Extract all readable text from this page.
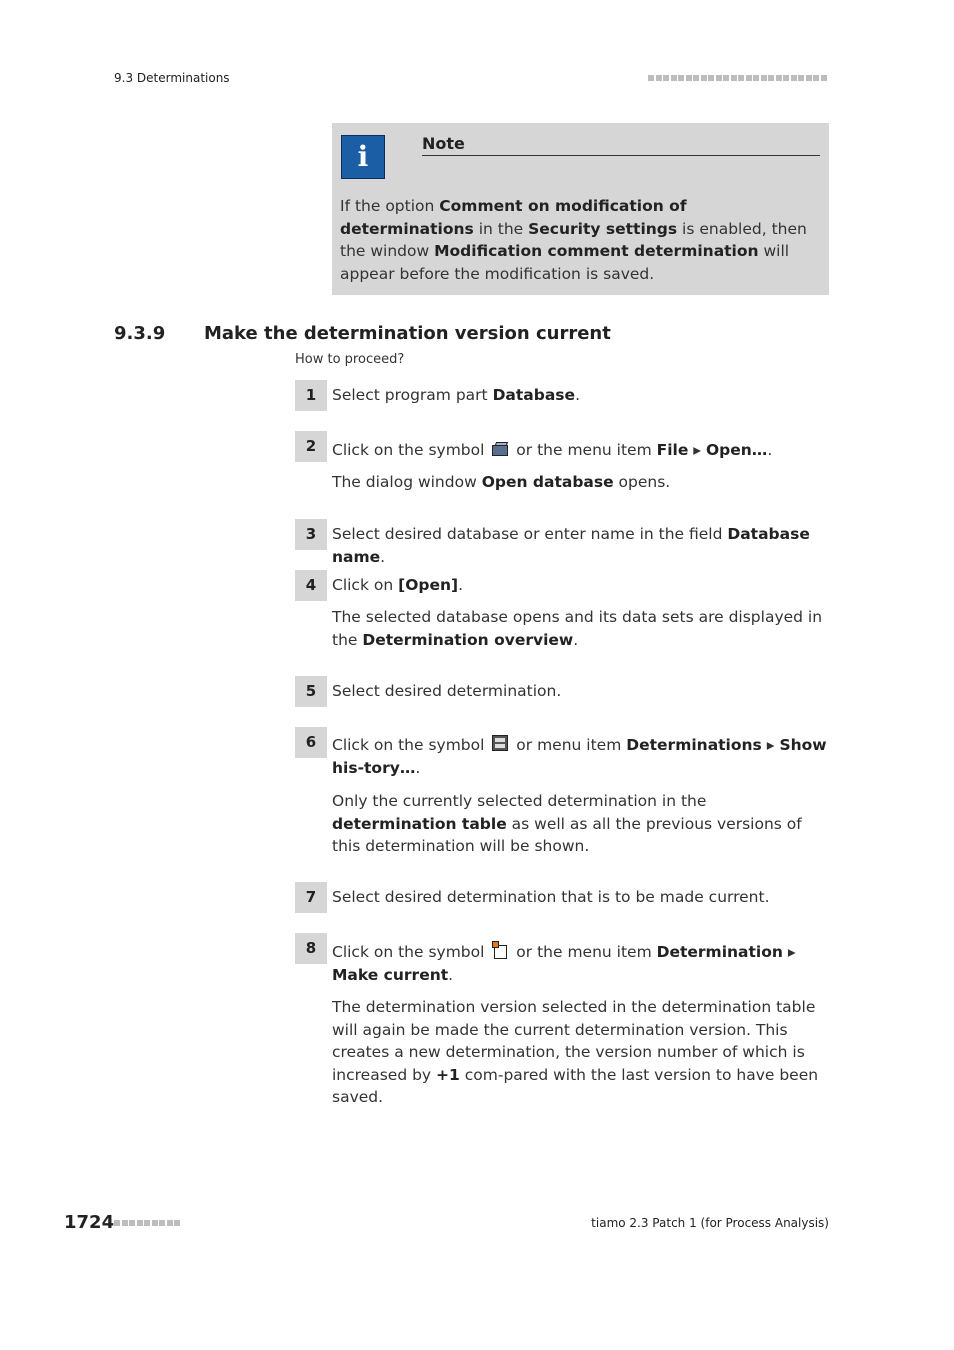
9.3 Determinations
i	Note
If the option Comment on modification of determinations in the Security settings is enabled, then the window Modification comment determination will appear before the modification is saved.
9.3.9 Make the determination version current
How to proceed?
1	Select program part Database.
2	Click on the symbol
or the menu item File ▸ Open….
The dialog window Open database opens.
3	Select desired database or enter name in the field Database name.
4	Click on [Open].
The selected database opens and its data sets are displayed in the Determination overview.
5	Select desired determination.
6	Click on the symbol
or menu item Determinations ▸ Show his-tory….
Only the currently selected determination in the determination table as well as all the previous versions of this determination will be shown.
7	Select desired determination that is to be made current.
8	Click on the symbol
or the menu item Determination ▸ Make current.
The determination version selected in the determination table will again be made the current determination version. This creates a new determination, the version number of which is increased by +1 com-pared with the last version to have been saved.
1724	tiamo 2.3 Patch 1 (for Process Analysis)
